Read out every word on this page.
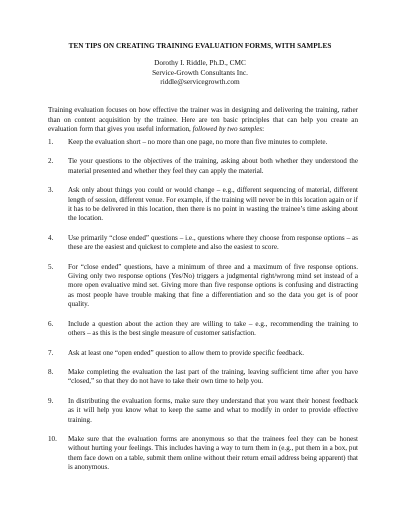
TEN TIPS ON CREATING TRAINING EVALUATION FORMS, WITH SAMPLES
Dorothy I. Riddle, Ph.D., CMC
Service-Growth Consultants Inc.
riddle@servicegrowth.com

Training evaluation focuses on how effective the trainer was in designing and delivering the training, rather than on content acquisition by the trainee. Here are ten basic principles that can help you create an evaluation form that gives you useful information, followed by two samples:

1. Keep the evaluation short – no more than one page, no more than five minutes to complete.
2. Tie your questions to the objectives of the training, asking about both whether they understood the material presented and whether they feel they can apply the material.
3. Ask only about things you could or would change – e.g., different sequencing of material, different length of session, different venue. For example, if the training will never be in this location again or if it has to be delivered in this location, then there is no point in wasting the trainee’s time asking about the location.
4. Use primarily “close ended” questions – i.e., questions where they choose from response options – as these are the easiest and quickest to complete and also the easiest to score.
5. For “close ended” questions, have a minimum of three and a maximum of five response options. Giving only two response options (Yes/No) triggers a judgmental right/wrong mind set instead of a more open evaluative mind set. Giving more than five response options is confusing and distracting as most people have trouble making that fine a differentiation and so the data you get is of poor quality.
6. Include a question about the action they are willing to take – e.g., recommending the training to others – as this is the best single measure of customer satisfaction.
7. Ask at least one “open ended” question to allow them to provide specific feedback.
8. Make completing the evaluation the last part of the training, leaving sufficient time after you have “closed,” so that they do not have to take their own time to help you.
9. In distributing the evaluation forms, make sure they understand that you want their honest feedback as it will help you know what to keep the same and what to modify in order to provide effective training.
10. Make sure that the evaluation forms are anonymous so that the trainees feel they can be honest without hurting your feelings. This includes having a way to turn them in (e.g., put them in a box, put them face down on a table, submit them online without their return email address being apparent) that is anonymous.
